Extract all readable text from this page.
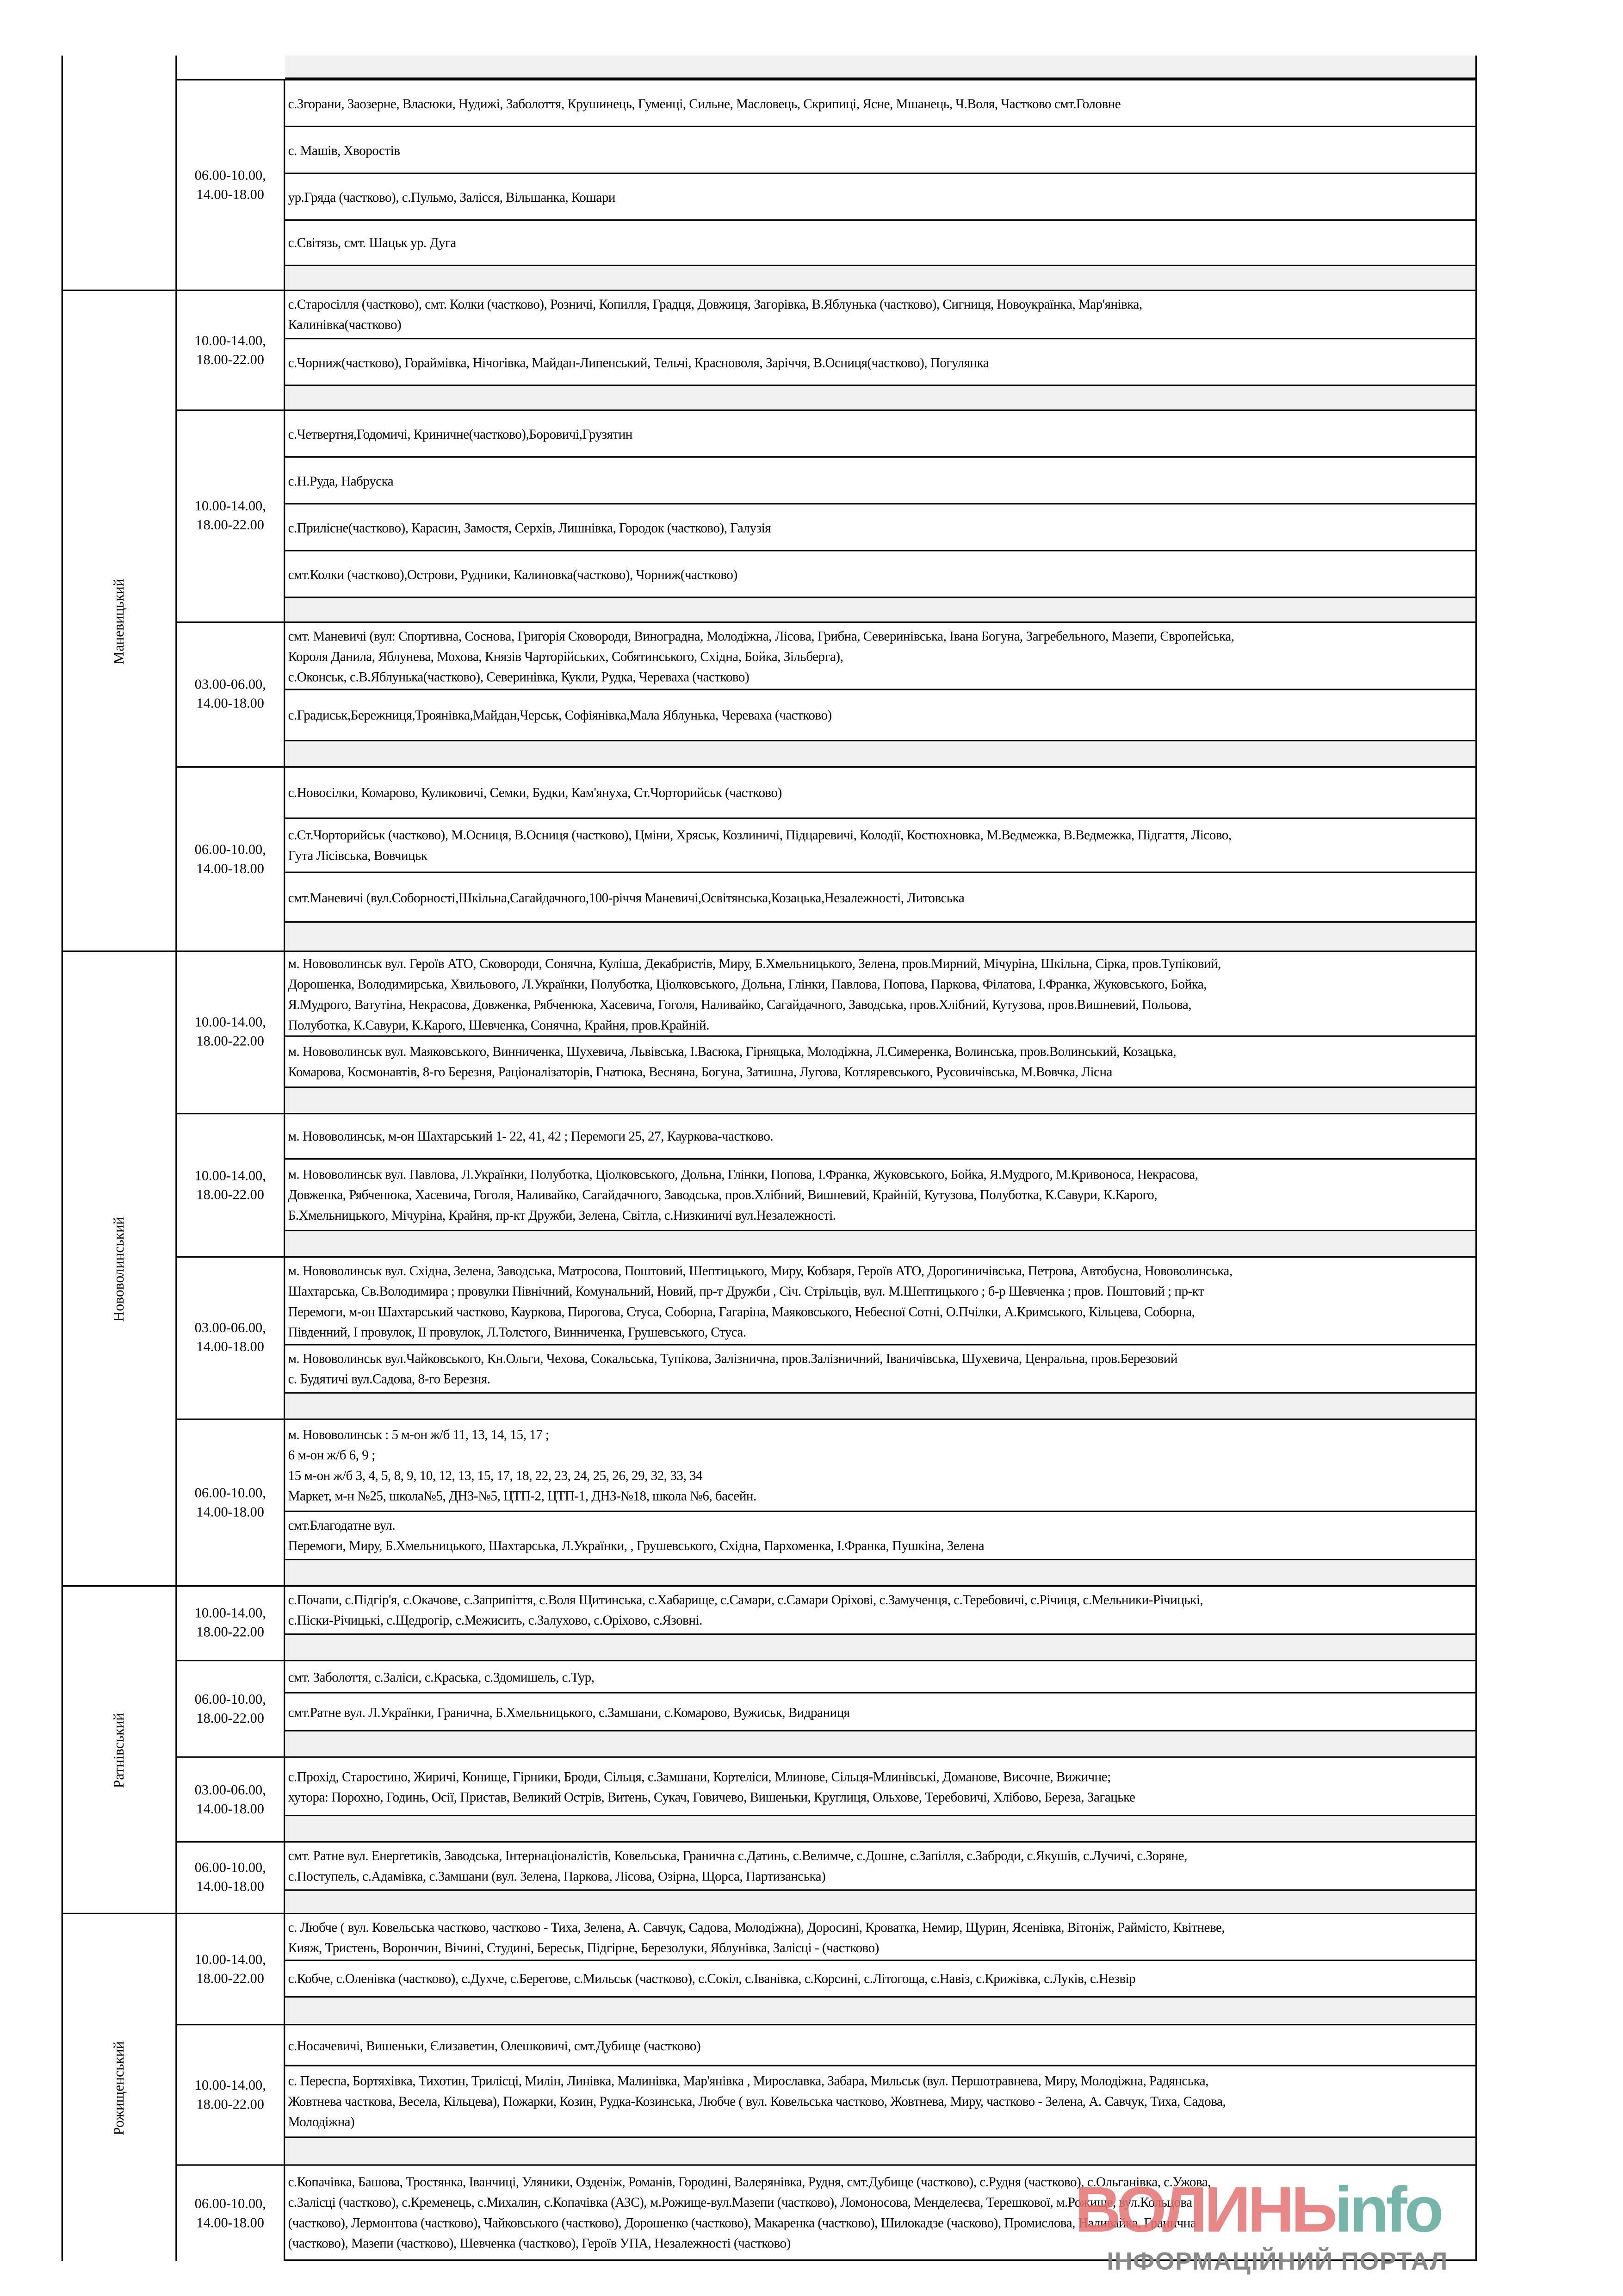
06.00-10.00,
14.00-18.00
с.Згорани, Заозерне, Власюки, Нудижі, Заболоття, Крушинець, Гуменці, Сильне, Масловець, Скрипиці, Ясне, Мшанець, Ч.Воля, Частково смт.Головне
с. Машів, Хворостів
ур.Гряда (частково), с.Пульмо, Залісся, Вільшанка, Кошари
с.Світязь, смт. Шацьк ур. Дуга
Маневицький
10.00-14.00,
18.00-22.00
с.Старосілля (частково), смт. Колки (частково), Розничі, Копилля, Градця, Довжиця, Загорівка, В.Яблунька (частково), Сигниця, Новоукраїнка, Мар'янівка,
Калинівка(частково)
с.Чорниж(частково), Гораймівка, Нічогівка, Майдан-Липенський, Тельчі, Красноволя, Заріччя, В.Осниця(частково), Погулянка
10.00-14.00,
18.00-22.00
с.Четвертня,Годомичі, Криничне(частково),Боровичі,Грузятин
с.Н.Руда, Набруска
с.Прилісне(частково), Карасин, Замостя, Серхів, Лишнівка, Городок (частково), Галузія
смт.Колки (частково),Острови, Рудники, Калиновка(частково), Чорниж(частково)
03.00-06.00,
14.00-18.00
смт. Маневичі (вул: Спортивна, Соснова, Григорія Сковороди, Виноградна, Молодіжна, Лісова, Грибна, Северинівська, Івана Богуна, Загребельного, Мазепи, Європейська,
Короля Данила, Яблунева, Мохова, Князів Чарторійських, Собятинського, Східна, Бойка, Зільберга),
с.Оконськ, с.В.Яблунька(частково), Северинівка, Кукли, Рудка, Череваха (частково)
с.Градиськ,Бережниця,Троянівка,Майдан,Черськ, Софіянівка,Мала Яблунька, Череваха (частково)
06.00-10.00,
14.00-18.00
с.Новосілки, Комарово, Куликовичі, Семки, Будки, Кам'януха, Ст.Чорторийськ (частково)
с.Ст.Чорторийськ (частково), М.Осниця, В.Осниця (частково), Цміни, Хряськ, Козлиничі, Підцаревичі, Колодії, Костюхновка, М.Ведмежка, В.Ведмежка, Підгаття, Лісово,
Гута Лісівська, Вовчицьк
смт.Маневичі (вул.Соборності,Шкільна,Сагайдачного,100-річчя Маневичі,Освітянська,Козацька,Незалежності, Литовська
Нововолинський
10.00-14.00,
18.00-22.00
м. Нововолинськ вул. Героїв АТО, Сковороди, Сонячна, Куліша, Декабристів, Миру, Б.Хмельницького, Зелена, пров.Мирний, Мічуріна, Шкільна, Сірка, пров.Тупіковий,
Дорошенка, Володимирська, Хвильового, Л.Українки, Полуботка, Ціолковського, Дольна, Глінки, Павлова, Попова, Паркова, Філатова, І.Франка, Жуковського, Бойка,
Я.Мудрого, Ватутіна, Некрасова, Довженка, Рябченюка, Хасевича, Гоголя, Наливайко, Сагайдачного, Заводська, пров.Хлібний, Кутузова, пров.Вишневий, Польова,
Полуботка, К.Савури, К.Карого, Шевченка, Сонячна, Крайня, пров.Крайній.
м. Нововолинськ вул. Маяковського, Винниченка, Шухевича, Львівська, І.Васюка, Гірняцька, Молодіжна, Л.Симеренка, Волинська, пров.Волинський, Козацька,
Комарова, Космонавтів, 8-го Березня, Раціоналізаторів, Гнатюка, Весняна, Богуна, Затишна, Лугова, Котляревського, Русовичівська, М.Вовчка, Лісна
10.00-14.00,
18.00-22.00
м. Нововолинськ, м-он Шахтарський 1- 22, 41, 42 ; Перемоги 25, 27, Кауркова-частково.
м. Нововолинськ вул. Павлова, Л.Українки, Полуботка, Ціолковського, Дольна, Глінки, Попова, І.Франка, Жуковського, Бойка, Я.Мудрого, М.Кривоноса, Некрасова,
Довженка, Рябченюка, Хасевича, Гоголя, Наливайко, Сагайдачного, Заводська, пров.Хлібний, Вишневий, Крайній, Кутузова, Полуботка, К.Савури, К.Карого,
Б.Хмельницького, Мічуріна, Крайня, пр-кт Дружби, Зелена, Світла, с.Низкиничі вул.Незалежності.
03.00-06.00,
14.00-18.00
м. Нововолинськ вул. Східна, Зелена, Заводська, Матросова, Поштовий, Шептицького, Миру, Кобзаря, Героїв АТО, Дорогиничівська, Петрова, Автобусна, Нововолинська,
Шахтарська, Св.Володимира ; провулки Північний, Комунальний, Новий, пр-т Дружби , Січ. Стрільців, вул. М.Шептицького ; б-р Шевченка ; пров. Поштовий ; пр-кт
Перемоги, м-он Шахтарський частково, Кауркова, Пирогова, Стуса, Соборна, Гагаріна, Маяковського, Небесної Сотні, О.Пчілки, А.Кримського, Кільцева, Соборна,
Південний, І провулок, ІІ провулок, Л.Толстого, Винниченка, Грушевського, Стуса.
м. Нововолинськ вул.Чайковського, Кн.Ольги, Чехова, Сокальська, Тупікова, Залізнична, пров.Залізничний, Іваничівська, Шухевича, Ценральна, пров.Березовий
с. Будятичі вул.Садова, 8-го Березня.
06.00-10.00,
14.00-18.00
м. Нововолинськ : 5 м-он ж/б 11, 13, 14, 15, 17 ;
6 м-он ж/б 6, 9 ;
15 м-он ж/б 3, 4, 5, 8, 9, 10, 12, 13, 15, 17, 18, 22, 23, 24, 25, 26, 29, 32, 33, 34
Маркет, м-н №25, школа№5, ДНЗ-№5, ЦТП-2, ЦТП-1, ДНЗ-№18, школа №6, басейн.
смт.Благодатне вул.
Перемоги, Миру, Б.Хмельницького, Шахтарська, Л.Українки, , Грушевського, Східна, Пархоменка, І.Франка, Пушкіна, Зелена
Ратнівський
10.00-14.00,
18.00-22.00
с.Почапи, с.Підгір'я, с.Окачове, с.Заприпіття, с.Воля Щитинська, с.Хабарище, с.Самари, с.Самари Оріхові, с.Замученця, с.Теребовичі, с.Річиця, с.Мельники-Річицькі,
с.Піски-Річицькі, с.Щедрогір, с.Межисить, с.Залухово, с.Оріхово, с.Язовні.
06.00-10.00,
18.00-22.00
смт. Заболоття, с.Заліси, с.Краська, с.Здомишель, с.Тур,
смт.Ратне вул. Л.Українки, Гранична, Б.Хмельницького, с.Замшани, с.Комарово, Вужиськ, Видраниця
03.00-06.00,
14.00-18.00
с.Прохід, Старостино, Жиричі, Конище, Гірники, Броди, Сільця, с.Замшани, Кортеліси, Млинове, Сільця-Млинівські, Доманове, Височне, Вижичне;
хутора: Порохно, Годинь, Осії, Пристав, Великий Острів, Витень, Сукач, Говичево, Вишеньки, Круглиця, Ольхове, Теребовичі, Хлібово, Береза, Загацьке
06.00-10.00,
14.00-18.00
смт. Ратне вул. Енергетиків, Заводська, Інтернаціоналістів, Ковельська, Гранична с.Датинь, с.Велимче, с.Дошне, с.Запілля, с.Заброди, с.Якушів, с.Лучичі, с.Зоряне,
с.Поступель, с.Адамівка, с.Замшани (вул. Зелена, Паркова, Лісова, Озірна, Щорса, Партизанська)
Рожищенський
10.00-14.00,
18.00-22.00
с. Любче ( вул. Ковельська частково, частково - Тиха, Зелена, А. Савчук, Садова, Молодіжна), Доросині, Кроватка, Немир, Щурин, Ясенівка, Вітоніж, Раймісто, Квітневе,
Кияж, Тристень, Ворончин, Вічині, Студині, Береськ, Підгірне, Березолуки, Яблунівка, Залісці - (частково)
с.Кобче, с.Оленівка (частково), с.Духче, с.Берегове, с.Мильськ (частково), с.Сокіл, с.Іванівка, с.Корсині, с.Літогоща, с.Навіз, с.Крижівка, с.Луків, с.Незвір
10.00-14.00,
18.00-22.00
с.Носачевичі, Вишеньки, Єлизаветин, Олешковичі, смт.Дубище (частково)
с. Переспа, Бортяхівка, Тихотин, Трилісці, Милін, Линівка, Малинівка, Мар'янівка , Мирославка, Забара, Мильськ (вул. Першотравнева, Миру, Молодіжна, Радянська,
Жовтнева часткова, Весела, Кільцева), Пожарки, Козин, Рудка-Козинська, Любче ( вул. Ковельська частково, Жовтнева, Миру, частково - Зелена, А. Савчук, Тиха, Садова,
Молодіжна)
06.00-10.00,
14.00-18.00
с.Копачівка, Башова, Тростянка, Іванчиці, Уляники, Озденіж, Романів, Городині, Валерянівка, Рудня, смт.Дубище (частково), с.Рудня (частково), с.Ольганівка, с.Ужова,
с.Залісці (частково), с.Кременець, с.Михалин, с.Копачівка (АЗС), м.Рожище-вул.Мазепи (частково), Ломоносова, Менделеєва, Терешкової, м.Рожище, вул.Кольцова
(частково), Лермонтова (частково), Чайковського (частково), Дорошенко (частково), Макаренка (частково), Шилокадзе (часково), Промислова, Наливайка, Гранична
(частково), Мазепи (частково), Шевченка (частково), Героїв УПА, Незалежності (частково)	ВОЛИНЬinfo
ІНФОРМАЦІЙНИЙ ПОРТАЛ
